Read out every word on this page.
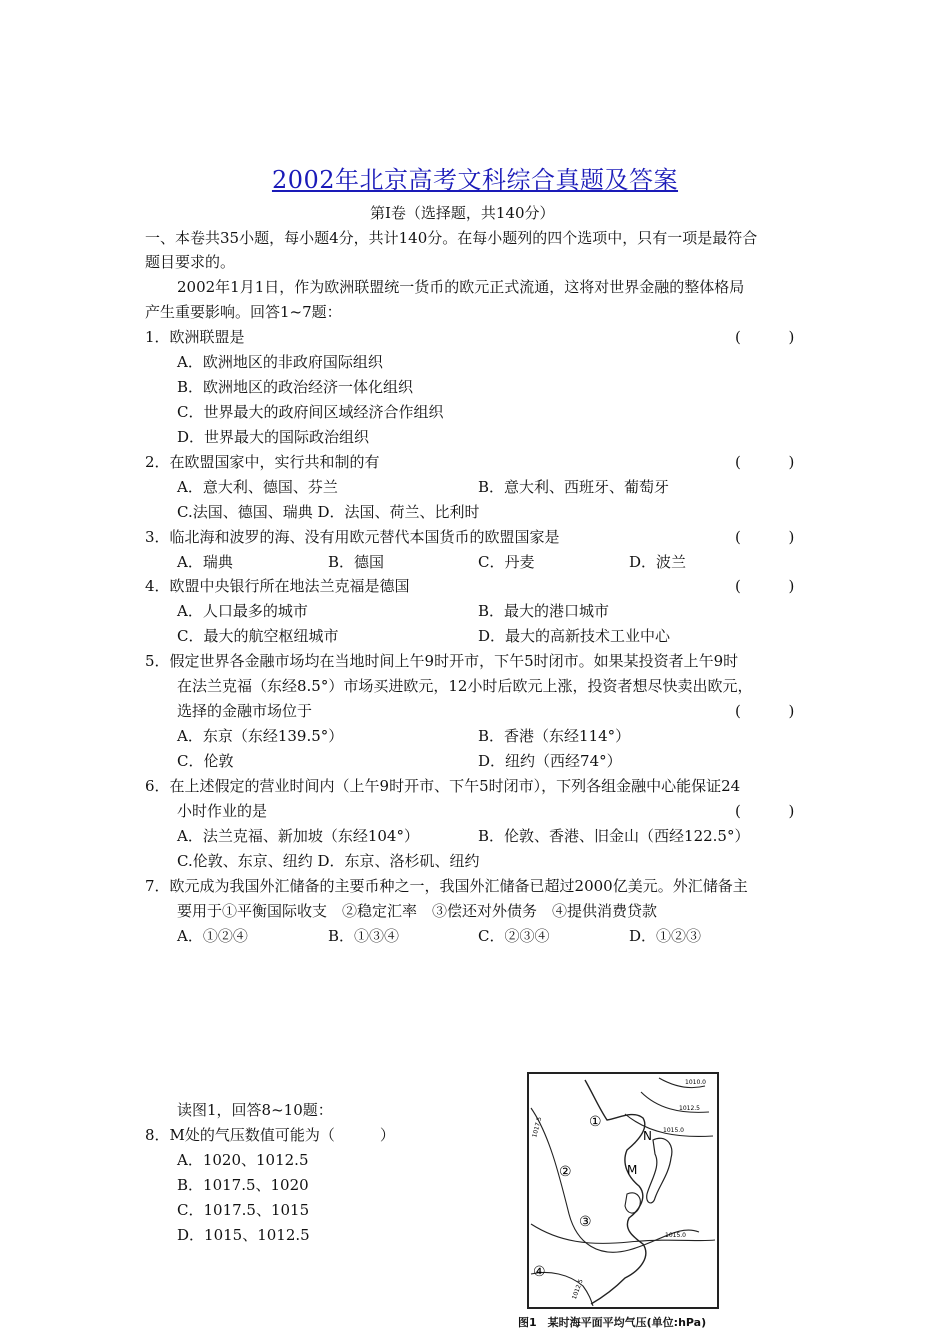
2002年北京高考文科综合真题及答案
第Ⅰ卷（选择题，共140分）
一、本卷共35小题，每小题4分，共计140分。在每小题列的四个选项中，只有一项是最符合
题目要求的。
2002年1月1日，作为欧洲联盟统一货币的欧元正式流通，这将对世界金融的整体格局
产生重要影响。回答1~7题：
1．欧洲联盟是	(          )
A．欧洲地区的非政府国际组织
B．欧洲地区的政治经济一体化组织
C．世界最大的政府间区域经济合作组织
D．世界最大的国际政治组织
2．在欧盟国家中，实行共和制的有	(          )
A．意大利、德国、芬兰	B．意大利、西班牙、葡萄牙
C.法国、德国、瑞典 D．法国、荷兰、比利时
3．临北海和波罗的海、没有用欧元替代本国货币的欧盟国家是	(          )
A．瑞典	B．德国	C．丹麦	D．波兰
4．欧盟中央银行所在地法兰克福是德国	(          )
A．人口最多的城市	B．最大的港口城市
C．最大的航空枢纽城市	D．最大的高新技术工业中心
5．假定世界各金融市场均在当地时间上午9时开市，下午5时闭市。如果某投资者上午9时
在法兰克福（东经8.5°）市场买进欧元，12小时后欧元上涨，投资者想尽快卖出欧元，
选择的金融市场位于	(          )
A．东京（东经139.5°）	B．香港（东经114°）
C．伦敦	D．纽约（西经74°）
6．在上述假定的营业时间内（上午9时开市、下午5时闭市），下列各组金融中心能保证24
小时作业的是	(          )
A．法兰克福、新加坡（东经104°）	B．伦敦、香港、旧金山（西经122.5°）
C.伦敦、东京、纽约 D．东京、洛杉矶、纽约
7．欧元成为我国外汇储备的主要币种之一，我国外汇储备已超过2000亿美元。外汇储备主
要用于①平衡国际收支　②稳定汇率　③偿还对外债务　④提供消费贷款
A．①②④	B．①③④	C．②③④	D．①②③
读图1，回答8~10题：
8．M处的气压数值可能为（　　　）
A．1020、1012.5
B．1017.5、1020
C．1017.5、1015
D．1015、1012.5
N
M
①
②
③
④
1010.0
1012.5
1015.0
1017.5
1015.0
1012.5
图1　某时海平面平均气压(单位:hPa)
